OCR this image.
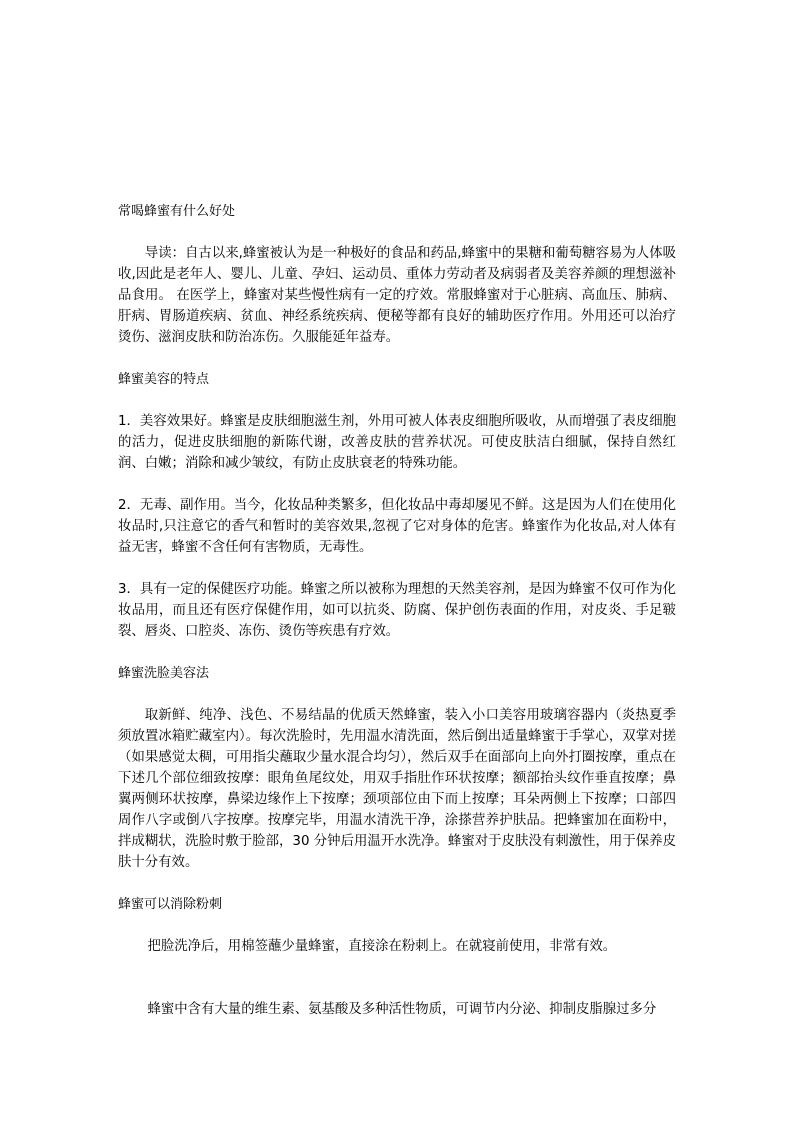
常喝蜂蜜有什么好处

导读：自古以来,蜂蜜被认为是一种极好的食品和药品,蜂蜜中的果糖和葡萄糖容易为人体吸收,因此是老年人、婴儿、儿童、孕妇、运动员、重体力劳动者及病弱者及美容养颜的理想滋补品食用。 在医学上，蜂蜜对某些慢性病有一定的疗效。常服蜂蜜对于心脏病、高血压、肺病、肝病、胃肠道疾病、贫血、神经系统疾病、便秘等都有良好的辅助医疗作用。外用还可以治疗烫伤、滋润皮肤和防治冻伤。久服能延年益寿。

蜂蜜美容的特点

1．美容效果好。蜂蜜是皮肤细胞滋生剂，外用可被人体表皮细胞所吸收，从而增强了表皮细胞的活力，促进皮肤细胞的新陈代谢，改善皮肤的营养状况。可使皮肤洁白细腻，保持自然红润、白嫩；消除和减少皱纹，有防止皮肤衰老的特殊功能。

2．无毒、副作用。当今，化妆品种类繁多，但化妆品中毒却屡见不鲜。这是因为人们在使用化妆品时,只注意它的香气和暂时的美容效果,忽视了它对身体的危害。蜂蜜作为化妆品,对人体有益无害，蜂蜜不含任何有害物质，无毒性。

3．具有一定的保健医疗功能。蜂蜜之所以被称为理想的天然美容剂，是因为蜂蜜不仅可作为化妆品用，而且还有医疗保健作用，如可以抗炎、防腐、保护创伤表面的作用，对皮炎、手足皲裂、唇炎、口腔炎、冻伤、烫伤等疾患有疗效。

蜂蜜洗脸美容法

取新鲜、纯净、浅色、不易结晶的优质天然蜂蜜，装入小口美容用玻璃容器内（炎热夏季须放置冰箱贮藏室内）。每次洗脸时，先用温水清洗面，然后倒出适量蜂蜜于手掌心，双掌对搓（如果感觉太稠，可用指尖蘸取少量水混合均匀），然后双手在面部向上向外打圈按摩，重点在下述几个部位细致按摩：眼角鱼尾纹处，用双手指肚作环状按摩；额部抬头纹作垂直按摩；鼻翼两侧环状按摩，鼻梁边缘作上下按摩；颈项部位由下而上按摩；耳朵两侧上下按摩；口部四周作八字或倒八字按摩。按摩完毕，用温水清洗干净，涂搽营养护肤品。把蜂蜜加在面粉中，拌成糊状，洗脸时敷于脸部，30 分钟后用温开水洗净。蜂蜜对于皮肤没有刺激性，用于保养皮肤十分有效。

蜂蜜可以消除粉刺

把脸洗净后，用棉签蘸少量蜂蜜，直接涂在粉刺上。在就寝前使用，非常有效。

蜂蜜中含有大量的维生素、氨基酸及多种活性物质，可调节内分泌、抑制皮脂腺过多分
